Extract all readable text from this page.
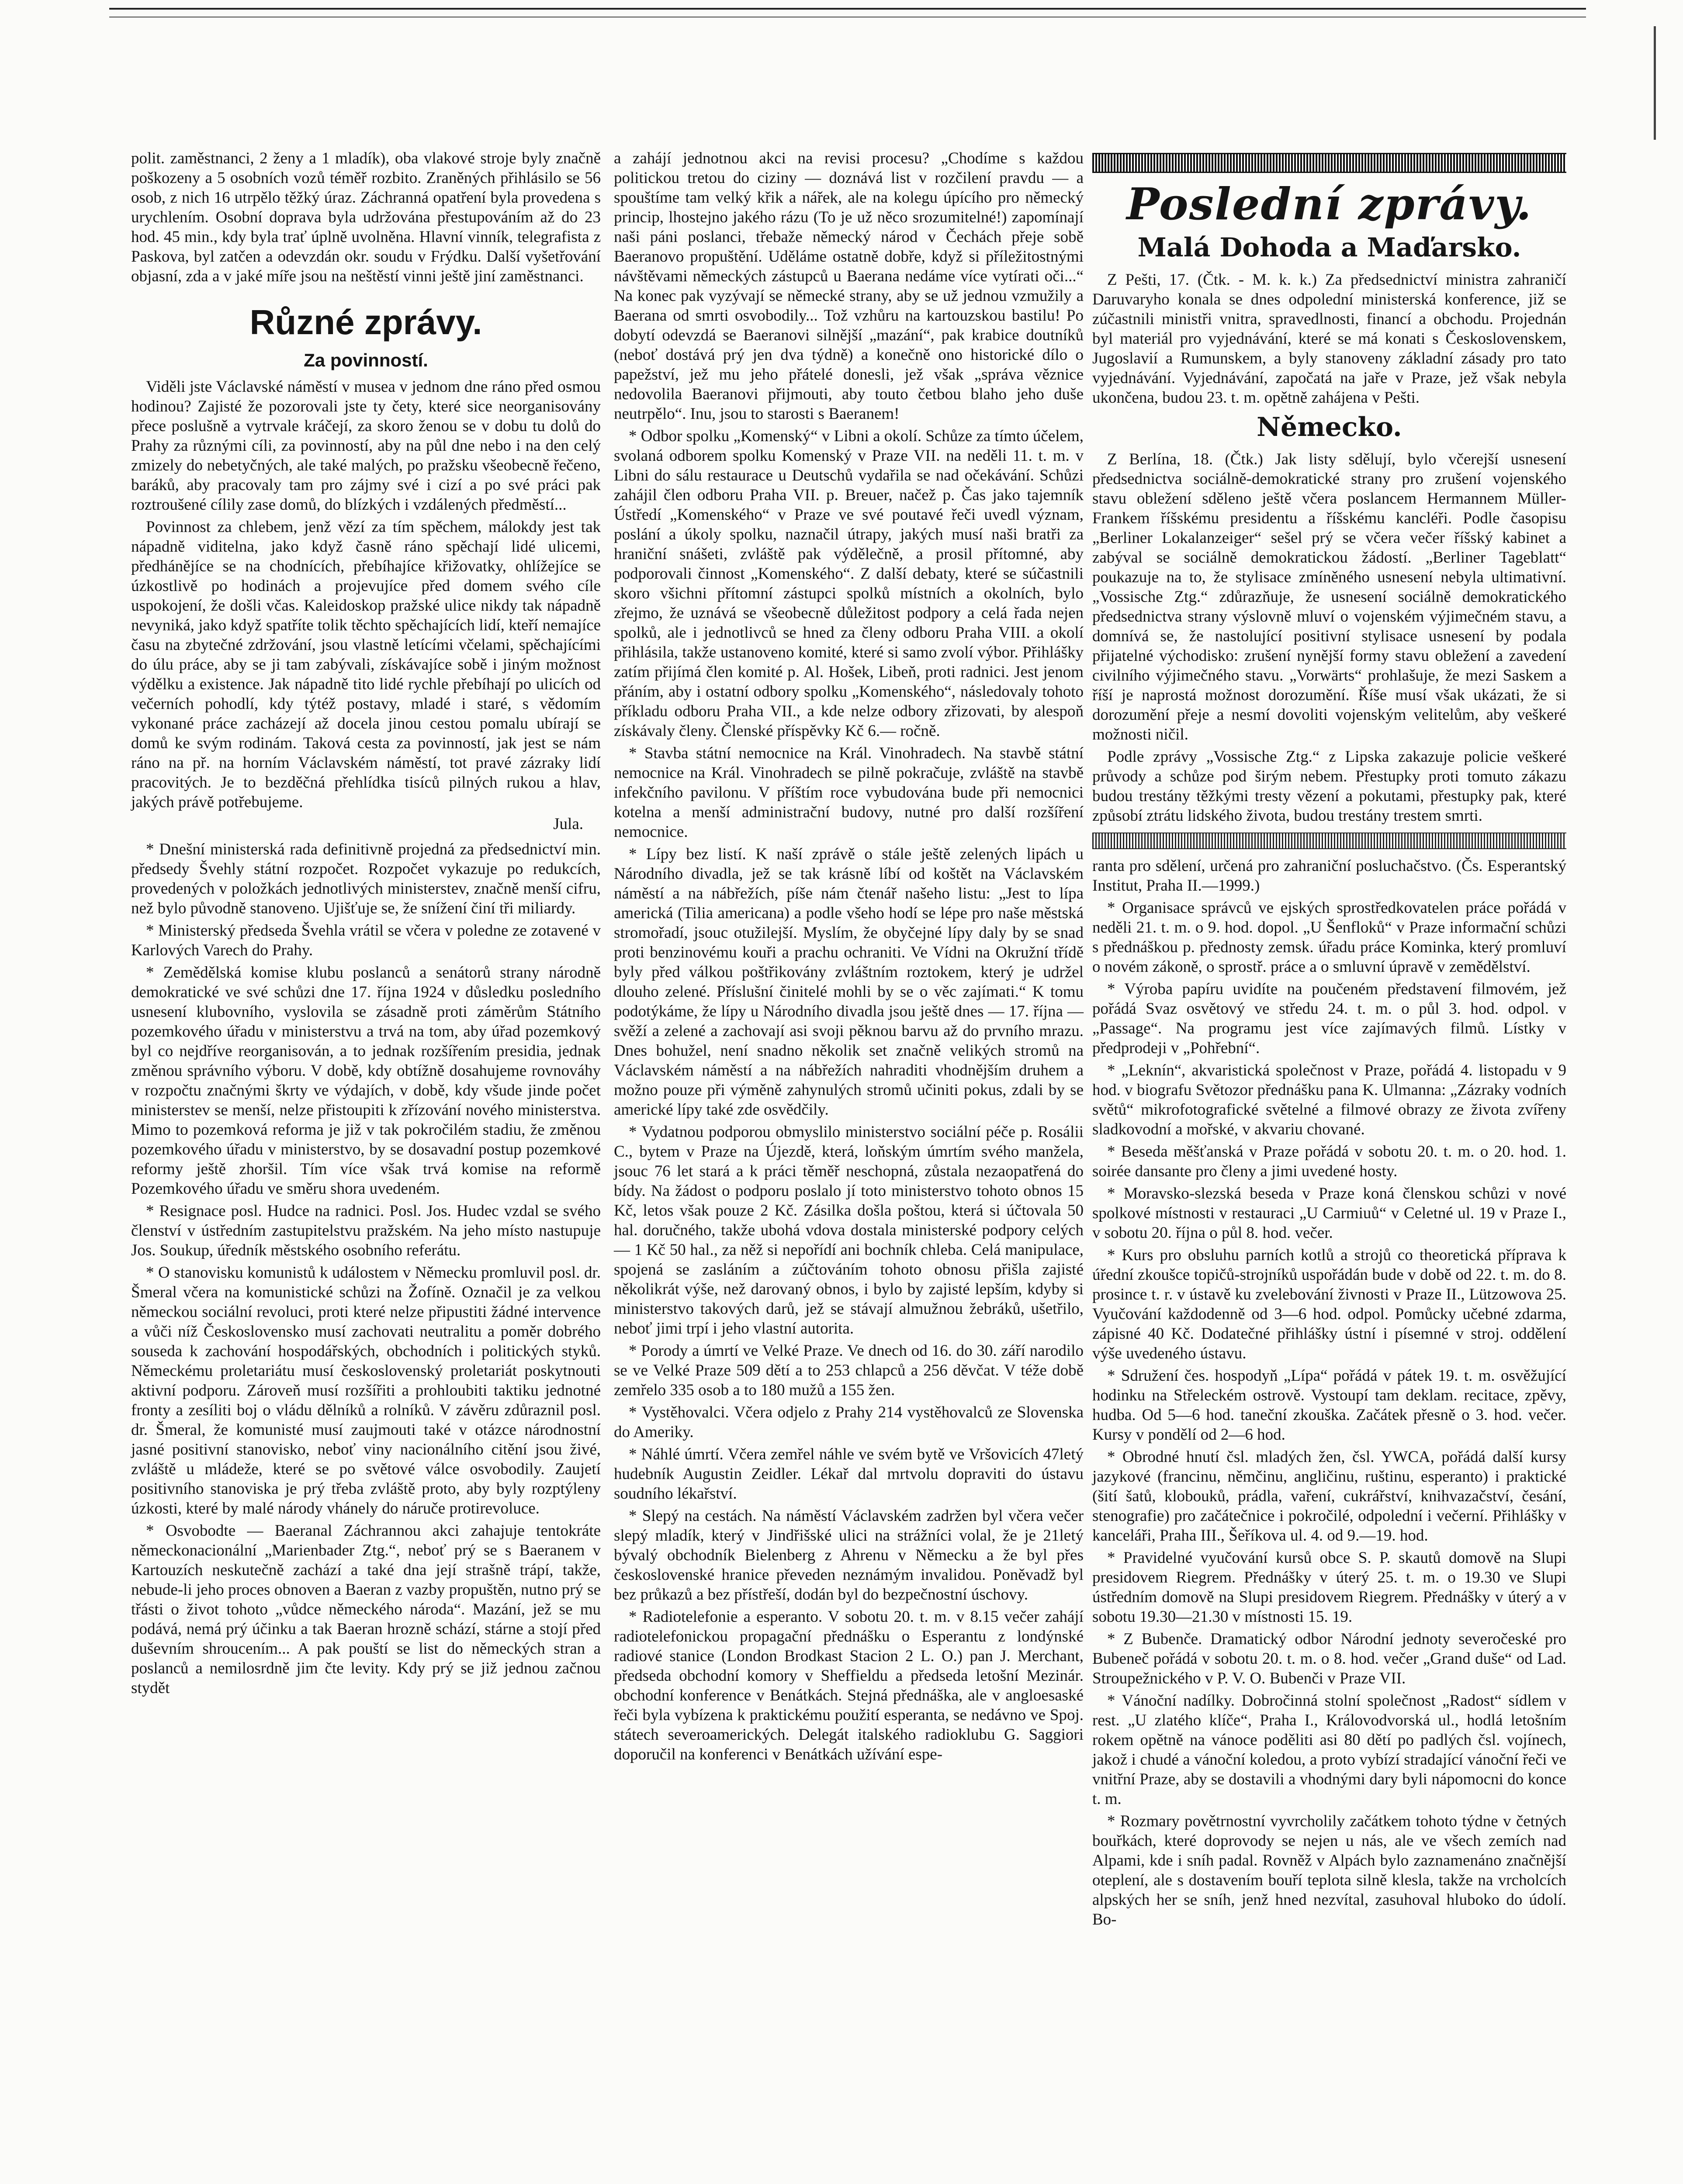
polit. zaměstnanci, 2 ženy a 1 mladík), oba vlakové stroje byly značně poškozeny a 5 osobních vozů téměř rozbito. Zraněných přihlásilo se 56 osob, z nich 16 utrpělo těžký úraz. Záchranná opatření byla provedena s urychlením. Osobní doprava byla udržována přestupováním až do 23 hod. 45 min., kdy byla trať úplně uvolněna. Hlavní vinník, telegrafista z Paskova, byl zatčen a odevzdán okr. soudu v Frýdku. Další vyšetřování objasní, zda a v jaké míře jsou na neštěstí vinni ještě jiní zaměstnanci.

Různé zprávy.
Za povinností.

Viděli jste Václavské náměstí v musea v jednom dne ráno před osmou hodinou? Zajisté že pozorovali jste ty čety, které sice neorganisovány přece poslušně a vytrvale kráčejí, za skoro ženou se v dobu tu dolů do Prahy za různými cíli, za povinností, aby na půl dne nebo i na den celý zmizely do nebetyčných, ale také malých, po pražsku všeobecně řečeno, baráků, aby pracovaly tam pro zájmy své i cizí a po své práci pak roztroušené cílily zase domů, do blízkých i vzdálených předměstí...

Povinnost za chlebem, jenž vězí za tím spěchem, málokdy jest tak nápadně viditelna, jako když časně ráno spěchají lidé ulicemi, předhánějíce se na chodnících, přebíhajíce křižovatky, ohlížejíce se úzkostlivě po hodinách a projevujíce před domem svého cíle uspokojení, že došli včas. Kaleidoskop pražské ulice nikdy tak nápadně nevyniká, jako když spatříte tolik těchto spěchajících lidí, kteří nemajíce času na zbytečné zdržování, jsou vlastně letícími včelami, spěchajícími do úlu práce, aby se ji tam zabývali, získávajíce sobě i jiným možnost výdělku a existence. Jak nápadně tito lidé rychle přebíhají po ulicích od večerních pohodlí, kdy týtéž postavy, mladé i staré, s vědomím vykonané práce zacházejí až docela jinou cestou pomalu ubírají se domů ke svým rodinám. Taková cesta za povinností, jak jest se nám ráno na př. na horním Václavském náměstí, tot pravé zázraky lidí pracovitých. Je to bezděčná přehlídka tisíců pilných rukou a hlav, jakých právě potřebujeme.

Jula.

* Dnešní ministerská rada definitivně projedná za předsednictví min. předsedy Švehly státní rozpočet. Rozpočet vykazuje po redukcích, provedených v položkách jednotlivých ministerstev, značně menší cifru, než bylo původně stanoveno. Ujišťuje se, že snížení činí tři miliardy.

* Ministerský předseda Švehla vrátil se včera v poledne ze zotavené v Karlových Varech do Prahy.

* Zemědělská komise klubu poslanců a senátorů strany národně demokratické ve své schůzi dne 17. října 1924 v důsledku posledního usnesení klubovního, vyslovila se zásadně proti záměrům Státního pozemkového úřadu v ministerstvu a trvá na tom, aby úřad pozemkový byl co nejdříve reorganisován, a to jednak rozšířením presidia, jednak změnou správního výboru. V době, kdy obtížně dosahujeme rovnováhy v rozpočtu značnými škrty ve výdajích, v době, kdy všude jinde počet ministerstev se menší, nelze přistoupiti k zřízování nového ministerstva. Mimo to pozemková reforma je již v tak pokročilém stadiu, že změnou pozemkového úřadu v ministerstvo, by se dosavadní postup pozemkové reformy ještě zhoršil. Tím více však trvá komise na reformě Pozemkového úřadu ve směru shora uvedeném.

* Resignace posl. Hudce na radnici. Posl. Jos. Hudec vzdal se svého členství v ústředním zastupitelstvu pražském. Na jeho místo nastupuje Jos. Soukup, úředník městského osobního referátu.

* O stanovisku komunistů k událostem v Německu promluvil posl. dr. Šmeral včera na komunistické schůzi na Žofíně. Označil je za velkou německou sociální revoluci, proti které nelze připustiti žádné intervence a vůči níž Československo musí zachovati neutralitu a poměr dobrého souseda k zachování hospodářských, obchodních i politických styků. Německému proletariátu musí československý proletariát poskytnouti aktivní podporu. Zároveň musí rozšířiti a prohloubiti taktiku jednotné fronty a zesíliti boj o vládu dělníků a rolníků. V závěru zdůraznil posl. dr. Šmeral, že komunisté musí zaujmouti také v otázce národnostní jasné positivní stanovisko, neboť viny nacionálního citění jsou živé, zvláště u mládeže, které se po světové válce osvobodily. Zaujetí positivního stanoviska je prý třeba zvláště proto, aby byly rozptýleny úzkosti, které by malé národy vhánely do náruče protirevoluce.

* Osvobodte — Baeranal Záchrannou akci zahajuje tentokráte německonacionální „Marienbader Ztg.“, neboť prý se s Baeranem v Kartouzích neskutečně zachází a také dna její strašně trápí, takže, nebude-li jeho proces obnoven a Baeran z vazby propuštěn, nutno prý se třásti o život tohoto „vůdce německého národa“. Mazání, jež se mu podává, nemá prý účinku a tak Baeran hrozně schází, stárne a stojí před duševním shroucením... A pak pouští se list do německých stran a poslanců a nemilosrdně jim čte levity. Kdy prý se již jednou začnou stydět

a zahájí jednotnou akci na revisi procesu? „Chodíme s každou politickou tretou do ciziny — doznává list v rozčilení pravdu — a spouštíme tam velký křik a nářek, ale na kolegu úpícího pro německý princip, lhostejno jakého rázu (To je už něco srozumitelné!) zapomínají naši páni poslanci, třebaže německý národ v Čechách přeje sobě Baeranovo propuštění. Uděláme ostatně dobře, když si příležitostnými návštěvami německých zástupců u Baerana nedáme více vytírati oči...“ Na konec pak vyzývají se německé strany, aby se už jednou vzmužily a Baerana od smrti osvobodily... Tož vzhůru na kartouzskou bastilu! Po dobytí odevzdá se Baeranovi silnější „mazání“, pak krabice doutníků (neboť dostává prý jen dva týdně) a konečně ono historické dílo o papežství, jež mu jeho přátelé donesli, jež však „správa věznice nedovolila Baeranovi přijmouti, aby touto četbou blaho jeho duše neutrpělo“. Inu, jsou to starosti s Baeranem!

* Odbor spolku „Komenský“ v Libni a okolí. Schůze za tímto účelem, svolaná odborem spolku Komenský v Praze VII. na neděli 11. t. m. v Libni do sálu restaurace u Deutschů vydařila se nad očekávání. Schůzi zahájil člen odboru Praha VII. p. Breuer, načež p. Čas jako tajemník Ústředí „Komenského“ v Praze ve své poutavé řeči uvedl význam, poslání a úkoly spolku, naznačil útrapy, jakých musí naši bratři za hraniční snášeti, zvláště pak výdělečně, a prosil přítomné, aby podporovali činnost „Komenského“. Z další debaty, které se súčastnili skoro všichni přítomní zástupci spolků místních a okolních, bylo zřejmo, že uznává se všeobecně důležitost podpory a celá řada nejen spolků, ale i jednotlivců se hned za členy odboru Praha VIII. a okolí přihlásila, takže ustanoveno komité, které si samo zvolí výbor. Přihlášky zatím přijímá člen komité p. Al. Hošek, Libeň, proti radnici. Jest jenom přáním, aby i ostatní odbory spolku „Komenského“, následovaly tohoto příkladu odboru Praha VII., a kde nelze odbory zřizovati, by alespoň získávaly členy. Členské příspěvky Kč 6.— ročně.

* Stavba státní nemocnice na Král. Vinohradech. Na stavbě státní nemocnice na Král. Vinohradech se pilně pokračuje, zvláště na stavbě infekčního pavilonu. V příštím roce vybudována bude při nemocnici kotelna a menší administrační budovy, nutné pro další rozšíření nemocnice.

* Lípy bez listí. K naší zprávě o stále ještě zelených lipách u Národního divadla, jež se tak krásně líbí od koštět na Václavském náměstí a na nábřežích, píše nám čtenář našeho listu: „Jest to lípa americká (Tilia americana) a podle všeho hodí se lépe pro naše městská stromořadí, jsouc otužilejší. Myslím, že obyčejné lípy daly by se snad proti benzinovému kouři a prachu ochraniti. Ve Vídni na Okružní třídě byly před válkou poštřikovány zvláštním roztokem, který je udržel dlouho zelené. Příslušní činitelé mohli by se o věc zajímati.“ K tomu podotýkáme, že lípy u Národního divadla jsou ještě dnes — 17. října — svěží a zelené a zachovají asi svoji pěknou barvu až do prvního mrazu. Dnes bohužel, není snadno několik set značně velikých stromů na Václavském náměstí a na nábřežích nahraditi vhodnějším druhem a možno pouze při výměně zahynulých stromů učiniti pokus, zdali by se americké lípy také zde osvědčily.

* Vydatnou podporou obmyslilo ministerstvo sociální péče p. Rosálii C., bytem v Praze na Újezdě, která, loňským úmrtím svého manžela, jsouc 76 let stará a k práci těměř neschopná, zůstala nezaopatřená do bídy. Na žádost o podporu poslalo jí toto ministerstvo tohoto obnos 15 Kč, letos však pouze 2 Kč. Zásilka došla poštou, která si účtovala 50 hal. doručného, takže ubohá vdova dostala ministerské podpory celých — 1 Kč 50 hal., za něž si nepořídí ani bochník chleba. Celá manipulace, spojená se zasláním a zúčtováním tohoto obnosu přišla zajisté několikrát výše, než darovaný obnos, i bylo by zajisté lepším, kdyby si ministerstvo takových darů, jež se stávají almužnou žebráků, ušetřilo, neboť jimi trpí i jeho vlastní autorita.

* Porody a úmrtí ve Velké Praze. Ve dnech od 16. do 30. září narodilo se ve Velké Praze 509 dětí a to 253 chlapců a 256 děvčat. V téže době zemřelo 335 osob a to 180 mužů a 155 žen.

* Vystěhovalci. Včera odjelo z Prahy 214 vystěhovalců ze Slovenska do Ameriky.

* Náhlé úmrtí. Včera zemřel náhle ve svém bytě ve Vršovicích 47letý hudebník Augustin Zeidler. Lékař dal mrtvolu dopraviti do ústavu soudního lékařství.

* Slepý na cestách. Na náměstí Václavském zadržen byl včera večer slepý mladík, který v Jindřišské ulici na strážníci volal, že je 21letý bývalý obchodník Bielenberg z Ahrenu v Německu a že byl přes československé hranice převeden neznámým invalidou. Poněvadž byl bez průkazů a bez přístřeší, dodán byl do bezpečnostní úschovy.

* Radiotelefonie a esperanto. V sobotu 20. t. m. v 8.15 večer zahájí radiotelefonickou propagační přednášku o Esperantu z londýnské radiové stanice (London Brodkast Stacion 2 L. O.) pan J. Merchant, předseda obchodní komory v Sheffieldu a předseda letošní Mezinár. obchodní konference v Benátkách. Stejná přednáška, ale v angloesaské řeči byla vybízena k praktickému použití esperanta, se nedávno ve Spoj. státech severoamerických. Delegát italského radioklubu G. Saggiori doporučil na konferenci v Benátkách užívání espe-

Poslední zprávy.
Malá Dohoda a Maďarsko.

Z Pešti, 17. (Čtk. - M. k. k.) Za předsednictví ministra zahraničí Daruvaryho konala se dnes odpolední ministerská konference, již se zúčastnili ministři vnitra, spravedlnosti, financí a obchodu. Projednán byl materiál pro vyjednávání, které se má konati s Československem, Jugoslavií a Rumunskem, a byly stanoveny základní zásady pro tato vyjednávání. Vyjednávání, započatá na jaře v Praze, jež však nebyla ukončena, budou 23. t. m. opětně zahájena v Pešti.

Německo.

Z Berlína, 18. (Čtk.) Jak listy sdělují, bylo včerejší usnesení předsednictva sociálně-demokratické strany pro zrušení vojenského stavu obležení sděleno ještě včera poslancem Hermannem Müller-Frankem říšskému presidentu a říšskému kancléři. Podle časopisu „Berliner Lokalanzeiger“ sešel prý se včera večer říšský kabinet a zabýval se sociálně demokratickou žádostí. „Berliner Tageblatt“ poukazuje na to, že stylisace zmíněného usnesení nebyla ultimativní. „Vossische Ztg.“ zdůrazňuje, že usnesení sociálně demokratického předsednictva strany výslovně mluví o vojenském výjimečném stavu, a domnívá se, že nastolující positivní stylisace usnesení by podala přijatelné východisko: zrušení nynější formy stavu obležení a zavedení civilního výjimečného stavu. „Vorwärts“ prohlašuje, že mezi Saskem a říší je naprostá možnost dorozumění. Říše musí však ukázati, že si dorozumění přeje a nesmí dovoliti vojenským velitelům, aby veškeré možnosti ničil.

Podle zprávy „Vossische Ztg.“ z Lipska zakazuje policie veškeré průvody a schůze pod širým nebem. Přestupky proti tomuto zákazu budou trestány těžkými tresty vězení a pokutami, přestupky pak, které způsobí ztrátu lidského života, budou trestány trestem smrti.

ranta pro sdělení, určená pro zahraniční posluchačstvo. (Čs. Esperantský Institut, Praha II.—1999.)

* Organisace správců ve ejských sprostředkovatelen práce pořádá v neděli 21. t. m. o 9. hod. dopol. „U Šenfloků“ v Praze informační schůzi s přednáškou p. přednosty zemsk. úřadu práce Kominka, který promluví o novém zákoně, o sprostř. práce a o smluvní úpravě v zemědělství.

* Výroba papíru uvidíte na poučeném představení filmovém, jež pořádá Svaz osvětový ve středu 24. t. m. o půl 3. hod. odpol. v „Passage“. Na programu jest více zajímavých filmů. Lístky v předprodeji v „Pohřební“.

* „Leknín“, akvaristická společnost v Praze, pořádá 4. listopadu v 9 hod. v biografu Světozor přednášku pana K. Ulmanna: „Zázraky vodních světů“ mikrofotografické světelné a filmové obrazy ze života zvířeny sladkovodní a mořské, v akvariu chované.

* Beseda měšťanská v Praze pořádá v sobotu 20. t. m. o 20. hod. 1. soirée dansante pro členy a jimi uvedené hosty.

* Moravsko-slezská beseda v Praze koná členskou schůzi v nové spolkové místnosti v restauraci „U Carmiuů“ v Celetné ul. 19 v Praze I., v sobotu 20. října o půl 8. hod. večer.

* Kurs pro obsluhu parních kotlů a strojů co theoretická příprava k úřední zkoušce topičů-strojníků uspořádán bude v době od 22. t. m. do 8. prosince t. r. v ústavě ku zvelebování živnosti v Praze II., Lützowova 25. Vyučování každodenně od 3—6 hod. odpol. Pomůcky učebné zdarma, zápisné 40 Kč. Dodatečné přihlášky ústní i písemné v stroj. oddělení výše uvedeného ústavu.

* Sdružení čes. hospodyň „Lípa“ pořádá v pátek 19. t. m. osvěžující hodinku na Střeleckém ostrově. Vystoupí tam deklam. recitace, zpěvy, hudba. Od 5—6 hod. taneční zkouška. Začátek přesně o 3. hod. večer. Kursy v pondělí od 2—6 hod.

* Obrodné hnutí čsl. mladých žen, čsl. YWCA, pořádá další kursy jazykové (francinu, němčinu, angličinu, ruštinu, esperanto) i praktické (šití šatů, klobouků, prádla, vaření, cukrářství, knihvazačství, česání, stenografie) pro začátečnice i pokročilé, odpolední i večerní. Přihlášky v kanceláři, Praha III., Šeříkova ul. 4. od 9.—19. hod.

* Pravidelné vyučování kursů obce S. P. skautů domově na Slupi presidovem Riegrem. Přednášky v úterý 25. t. m. o 19.30 ve Slupi ústředním domově na Slupi presidovem Riegrem. Přednášky v úterý a v sobotu 19.30—21.30 v místnosti 15. 19.

* Z Bubenče. Dramatický odbor Národní jednoty severočeské pro Bubeneč pořádá v sobotu 20. t. m. o 8. hod. večer „Grand duše“ od Lad. Stroupežnického v P. V. O. Bubenči v Praze VII.

* Vánoční nadílky. Dobročinná stolní společnost „Radost“ sídlem v rest. „U zlatého klíče“, Praha I., Královodvorská ul., hodlá letošním rokem opětně na vánoce poděliti asi 80 dětí po padlých čsl. vojínech, jakož i chudé a vánoční koledou, a proto vybízí stradající vánoční řeči ve vnitřní Praze, aby se dostavili a vhodnými dary byli nápomocni do konce t. m.

* Rozmary povětrnostní vyvrcholily začátkem tohoto týdne v četných bouřkách, které doprovody se nejen u nás, ale ve všech zemích nad Alpami, kde i sníh padal. Rovněž v Alpách bylo zaznamenáno značnější oteplení, ale s dostavením bouří teplota silně klesla, takže na vrcholcích alpských her se sníh, jenž hned nezvítal, zasuhoval hluboko do údolí. Bo-
